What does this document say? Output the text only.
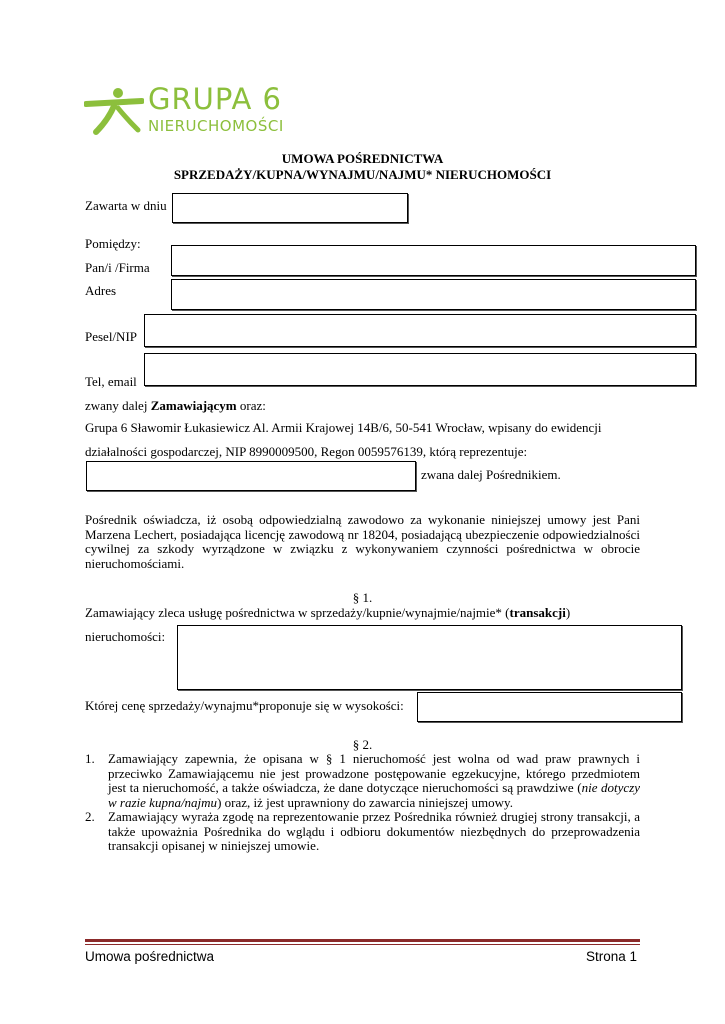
GRUPA 6
NIERUCHOMOŚCI
UMOWA POŚREDNICTWA
SPRZEDAŻY/KUPNA/WYNAJMU/NAJMU* NIERUCHOMOŚCI
Zawarta w dniu
Pomiędzy:
Pan/i /Firma
Adres
Pesel/NIP
Tel, email
zwany dalej Zamawiającym oraz:
Grupa 6 Sławomir Łukasiewicz Al. Armii Krajowej 14B/6, 50-541 Wrocław, wpisany do ewidencji
działalności gospodarczej, NIP 8990009500, Regon 0059576139, którą reprezentuje:
zwana dalej Pośrednikiem.
Pośrednik oświadcza, iż osobą odpowiedzialną zawodowo za wykonanie niniejszej umowy jest Pani Marzena Lechert, posiadająca licencję zawodową nr 18204, posiadającą ubezpieczenie odpowiedzialności cywilnej za szkody wyrządzone w związku z wykonywaniem czynności pośrednictwa w obrocie nieruchomościami.
§ 1.
Zamawiający zleca usługę pośrednictwa w sprzedaży/kupnie/wynajmie/najmie* (transakcji)
nieruchomości:
Której cenę sprzedaży/wynajmu*proponuje się w wysokości:
§ 2.
1. Zamawiający zapewnia, że opisana w § 1 nieruchomość jest wolna od wad praw prawnych i przeciwko Zamawiającemu nie jest prowadzone postępowanie egzekucyjne, którego przedmiotem jest ta nieruchomość, a także oświadcza, że dane dotyczące nieruchomości są prawdziwe (nie dotyczy w razie kupna/najmu) oraz, iż jest uprawniony do zawarcia niniejszej umowy.
2. Zamawiający wyraża zgodę na reprezentowanie przez Pośrednika również drugiej strony transakcji, a także upoważnia Pośrednika do wglądu i odbioru dokumentów niezbędnych do przeprowadzenia transakcji opisanej w niniejszej umowie.
Umowa pośrednictwa	Strona 1
